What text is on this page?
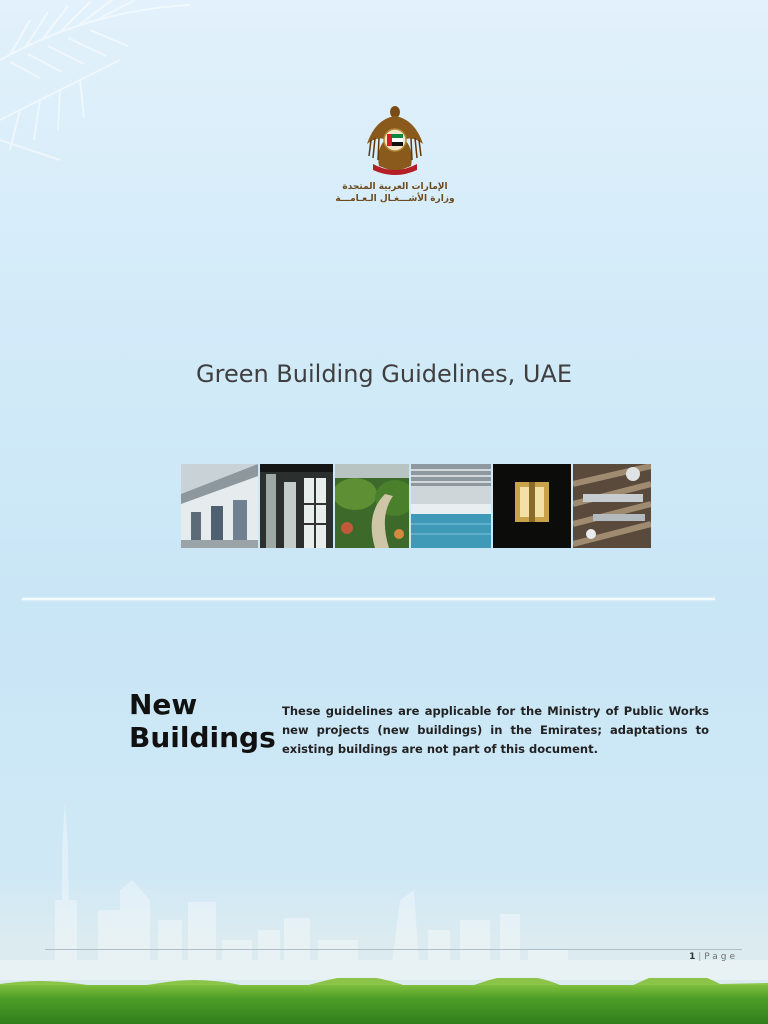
الإمارات العربية المتحدة
وزارة الأشـــغـال الـعـامـــة
Green Building Guidelines, UAE
New
Buildings
These guidelines are applicable for the Ministry of Public Works new projects (new buildings) in the Emirates; adaptations to existing buildings are not part of this document.
1 | Page
